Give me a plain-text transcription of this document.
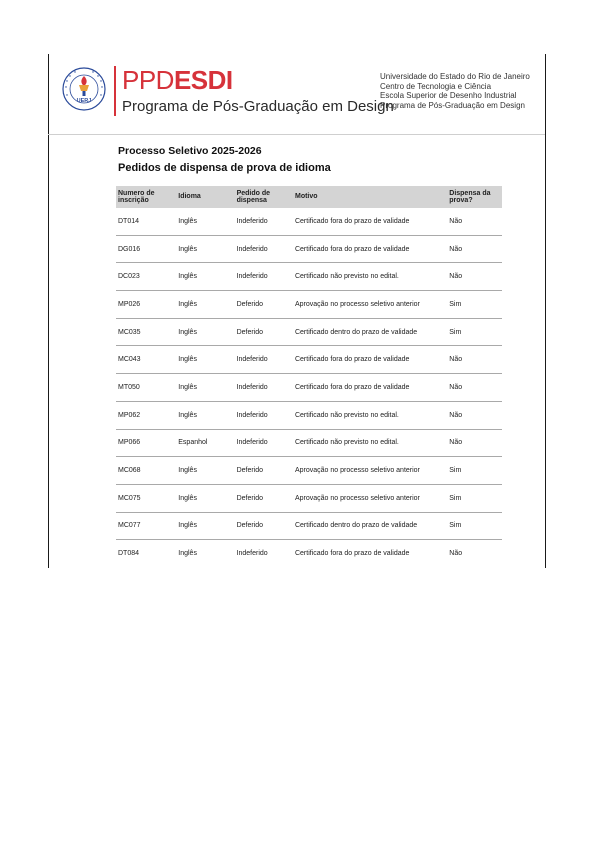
UERJ
PPDESDI
Programa de Pós-Graduação em Design
Universidade do Estado do Rio de Janeiro
Centro de Tecnologia e Ciência
Escola Superior de Desenho Industrial
Programa de Pós-Graduação em Design
Processo Seletivo 2025-2026
Pedidos de dispensa de prova de idioma
Numero de inscrição	Idioma	Pedido de dispensa	Motivo	Dispensa da prova?
DT014	Inglês	Indeferido	Certificado fora do prazo de validade	Não
DG016	Inglês	Indeferido	Certificado fora do prazo de validade	Não
DC023	Inglês	Indeferido	Certificado não previsto no edital.	Não
MP026	Inglês	Deferido	Aprovação no processo seletivo anterior	Sim
MC035	Inglês	Deferido	Certificado dentro do prazo de validade	Sim
MC043	Inglês	Indeferido	Certificado fora do prazo de validade	Não
MT050	Inglês	Indeferido	Certificado fora do prazo de validade	Não
MP062	Inglês	Indeferido	Certificado não previsto no edital.	Não
MP066	Espanhol	Indeferido	Certificado não previsto no edital.	Não
MC068	Inglês	Deferido	Aprovação no processo seletivo anterior	Sim
MC075	Inglês	Deferido	Aprovação no processo seletivo anterior	Sim
MC077	Inglês	Deferido	Certificado dentro do prazo de validade	Sim
DT084	Inglês	Indeferido	Certificado fora do prazo de validade	Não
